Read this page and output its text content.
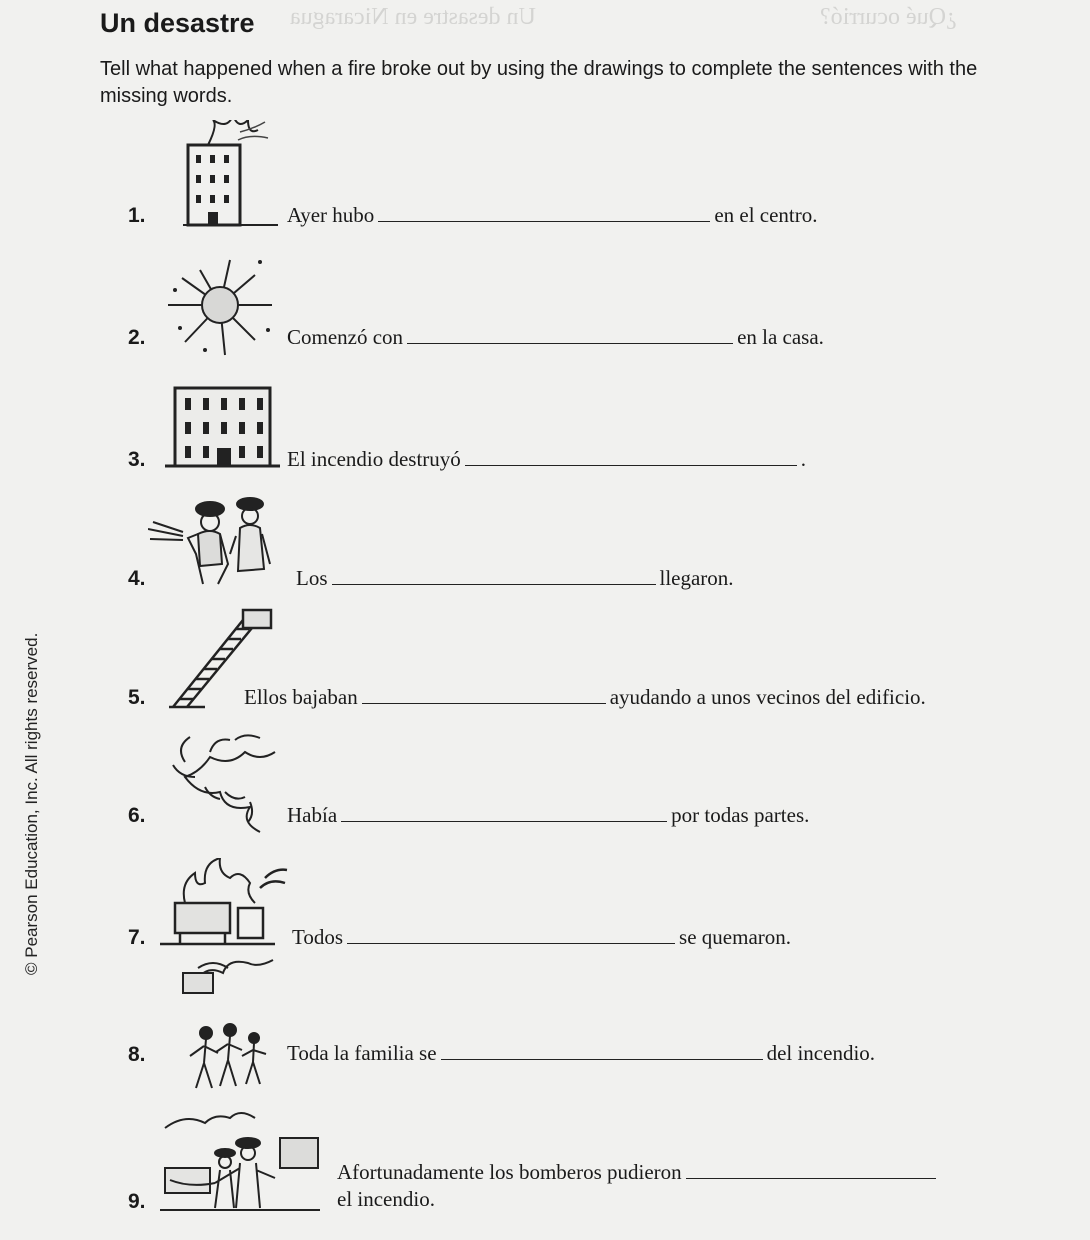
¿Qué ocurrió?
Un desastre en Nicaragua
Un desastre
Tell what happened when a fire broke out by using the drawings to complete the sentences with the missing words.
© Pearson Education, Inc. All rights reserved.
1.	Ayer hubo	en el centro.
2.	Comenzó con	en la casa.
3.	El incendio destruyó	.
4.	Los	llegaron.
5.	Ellos bajaban	ayudando a unos vecinos del edificio.
6.	Había	por todas partes.
7.	Todos	se quemaron.
8.	Toda la familia se	del incendio.
9.
Afortunadamente los bomberos pudieron
el incendio.
